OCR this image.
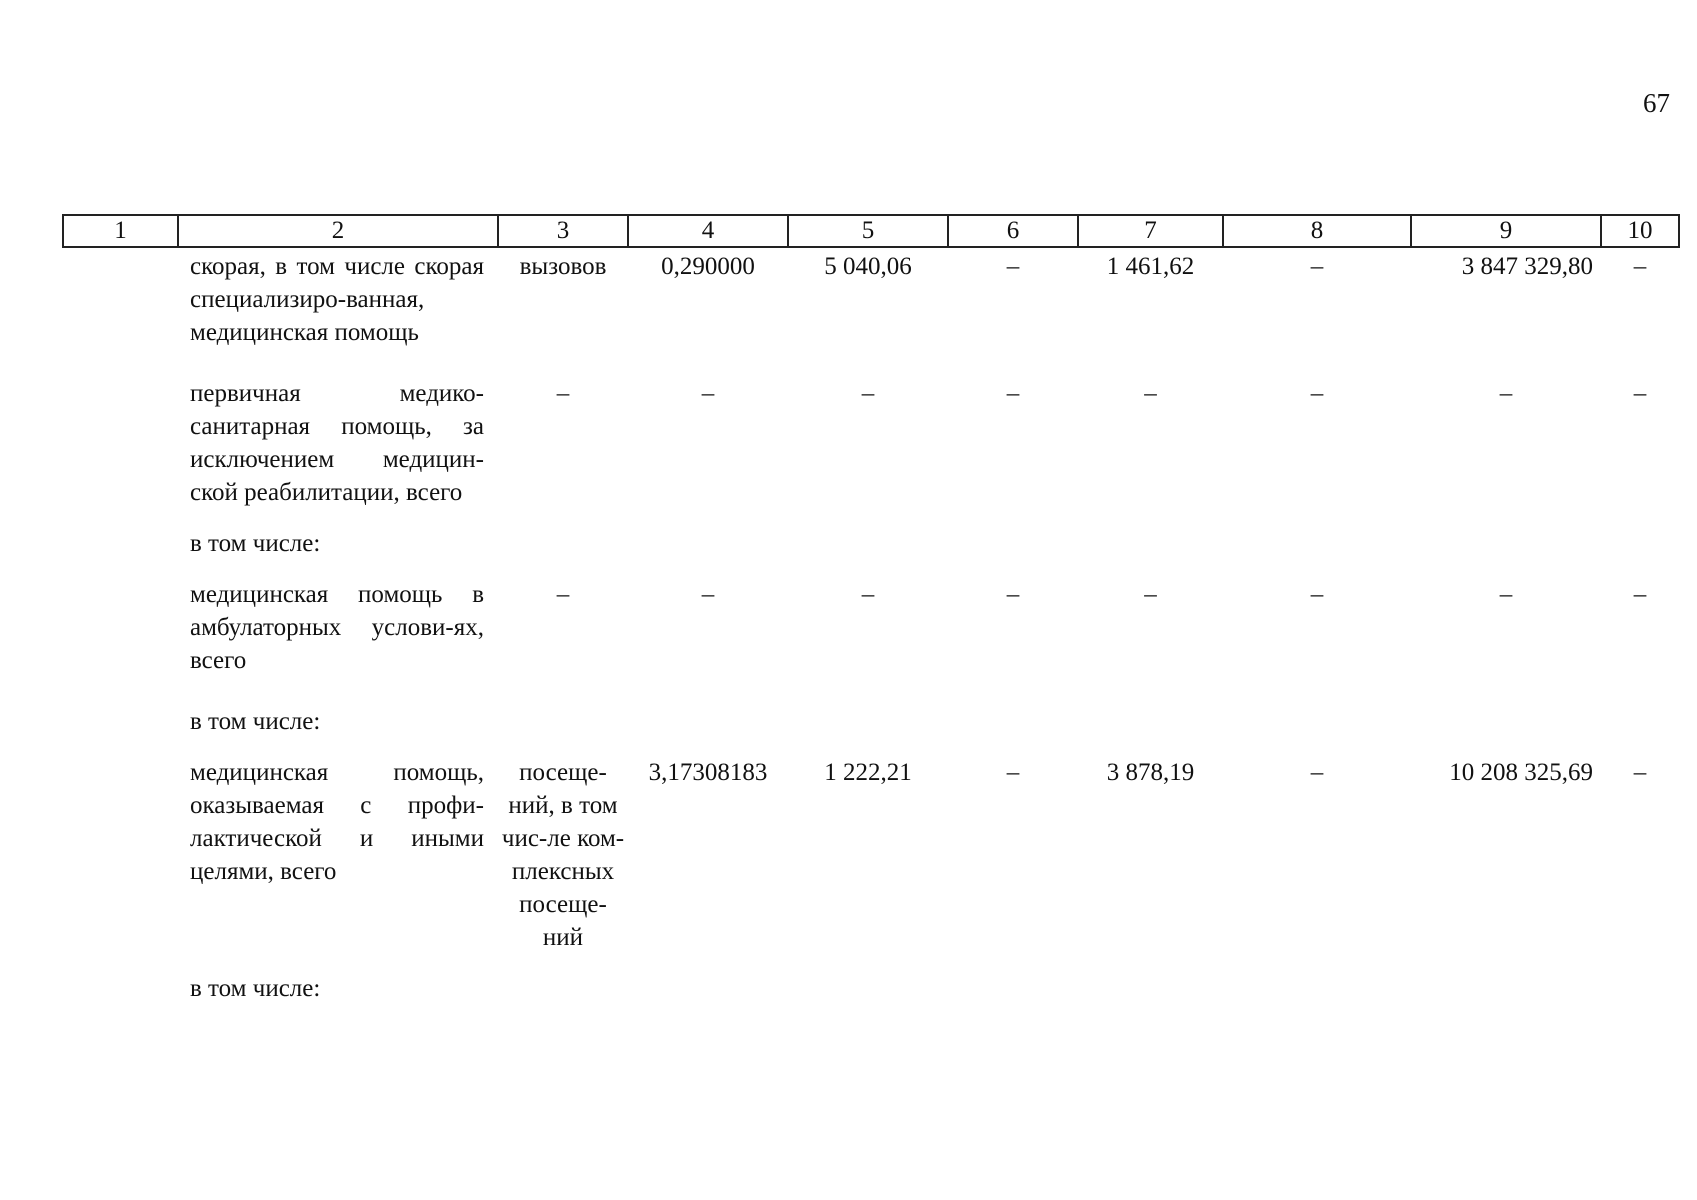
67
1	2	3	4	5	6	7	8	9	10
	скорая, в том числе скорая специализиро-ванная, медицинская помощь	вызовов	0,290000	5 040,06	–	1 461,62	–	3 847 329,80	–
	первичная медико-санитарная помощь, за исключением медицин-ской реабилитации, всего	–	–	–	–	–	–	–	–
	в том числе:								
	медицинская помощь в амбулаторных услови-ях, всего	–	–	–	–	–	–	–	–
	в том числе:								
	медицинская помощь, оказываемая с профи-лактической и иными целями, всего	посеще-ний, в том чис-ле ком-плексных посеще-ний	3,17308183	1 222,21	–	3 878,19	–	10 208 325,69	–
	в том числе:								
